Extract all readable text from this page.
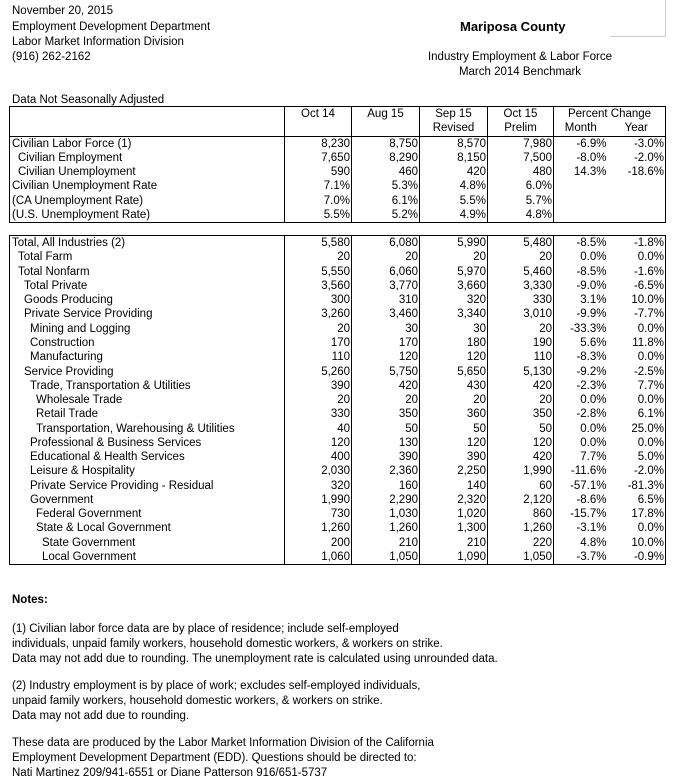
November 20, 2015
Employment Development Department
Labor Market Information Division
(916) 262-2162
Mariposa County
Industry Employment & Labor Force
March 2014 Benchmark
Data Not Seasonally Adjusted
	Oct 14	Aug 15	Sep 15	Oct 15	Percent Change	
			Revised	Prelim	Month	Year
Civilian Labor Force (1)	8,230	8,750	8,570	7,980	-6.9%	-3.0%
Civilian Employment	7,650	8,290	8,150	7,500	-8.0%	-2.0%
Civilian Unemployment	590	460	420	480	14.3%	-18.6%
Civilian Unemployment Rate	7.1%	5.3%	4.8%	6.0%		
(CA Unemployment Rate)	7.0%	6.1%	5.5%	5.7%		
(U.S. Unemployment Rate)	5.5%	5.2%	4.9%	4.8%		
Total, All Industries (2)	5,580	6,080	5,990	5,480	-8.5%	-1.8%
Total Farm	20	20	20	20	0.0%	0.0%
Total Nonfarm	5,550	6,060	5,970	5,460	-8.5%	-1.6%
Total Private	3,560	3,770	3,660	3,330	-9.0%	-6.5%
Goods Producing	300	310	320	330	3.1%	10.0%
Private Service Providing	3,260	3,460	3,340	3,010	-9.9%	-7.7%
Mining and Logging	20	30	30	20	-33.3%	0.0%
Construction	170	170	180	190	5.6%	11.8%
Manufacturing	110	120	120	110	-8.3%	0.0%
Service Providing	5,260	5,750	5,650	5,130	-9.2%	-2.5%
Trade, Transportation & Utilities	390	420	430	420	-2.3%	7.7%
Wholesale Trade	20	20	20	20	0.0%	0.0%
Retail Trade	330	350	360	350	-2.8%	6.1%
Transportation, Warehousing & Utilities	40	50	50	50	0.0%	25.0%
Professional & Business Services	120	130	120	120	0.0%	0.0%
Educational & Health Services	400	390	390	420	7.7%	5.0%
Leisure & Hospitality	2,030	2,360	2,250	1,990	-11.6%	-2.0%
Private Service Providing - Residual	320	160	140	60	-57.1%	-81.3%
Government	1,990	2,290	2,320	2,120	-8.6%	6.5%
Federal Government	730	1,030	1,020	860	-15.7%	17.8%
State & Local Government	1,260	1,260	1,300	1,260	-3.1%	0.0%
State Government	200	210	210	220	4.8%	10.0%
Local Government	1,060	1,050	1,090	1,050	-3.7%	-0.9%
Notes:
(1) Civilian labor force data are by place of residence; include self-employed
individuals, unpaid family workers, household domestic workers, & workers on strike.
Data may not add due to rounding. The unemployment rate is calculated using unrounded data.
(2) Industry employment is by place of work; excludes self-employed individuals,
unpaid family workers, household domestic workers, & workers on strike.
Data may not add due to rounding.
These data are produced by the Labor Market Information Division of the California
Employment Development Department (EDD). Questions should be directed to:
Nati Martinez 209/941-6551 or Diane Patterson 916/651-5737
